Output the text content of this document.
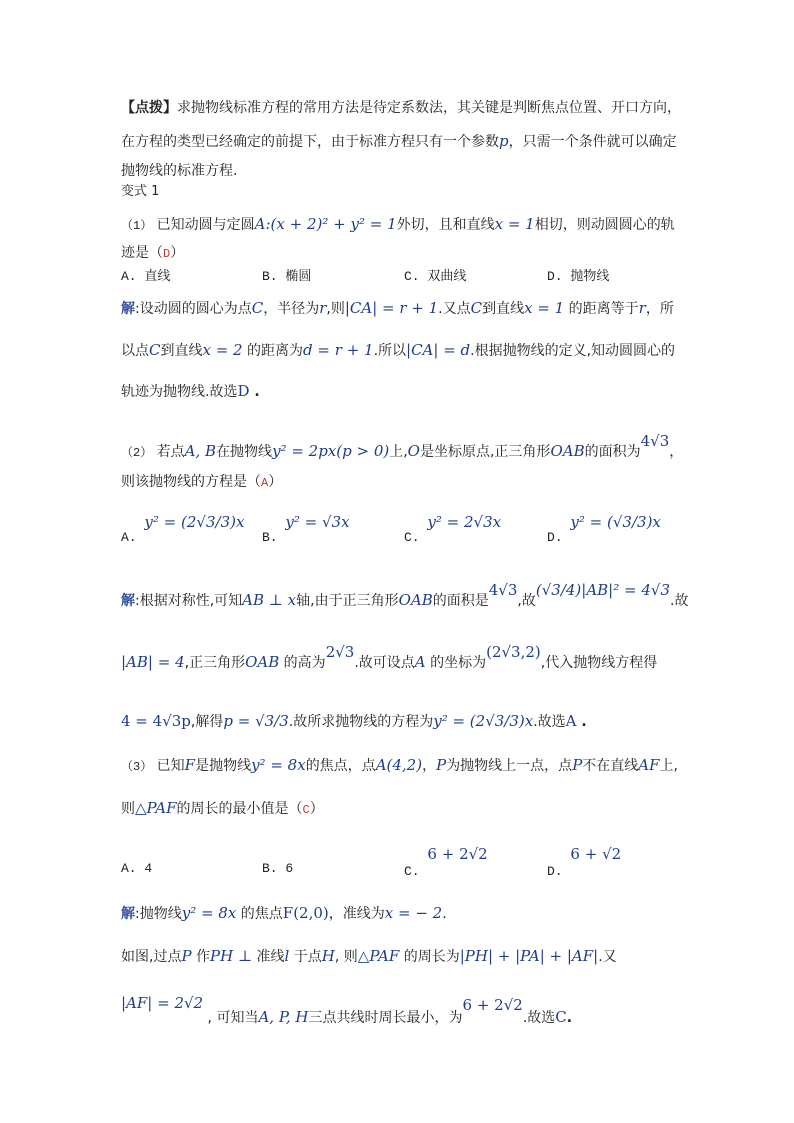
【点拨】求抛物线标准方程的常用方法是待定系数法，其关键是判断焦点位置、开口方向，
在方程的类型已经确定的前提下，由于标准方程只有一个参数p，只需一个条件就可以确定
抛物线的标准方程.
变式 1
（1） 已知动圆与定圆A:(x + 2)² + y² = 1外切，且和直线x = 1相切，则动圆圆心的轨
迹是（D）
A. 直线	B. 椭圆	C. 双曲线	D. 抛物线
解:设动圆的圆心为点C，半径为r,则|CA| = r + 1.又点C到直线x = 1 的距离等于r，所
以点C到直线x = 2 的距离为d = r + 1.所以|CA| = d.根据抛物线的定义,知动圆圆心的
轨迹为抛物线.故选D .
（2） 若点A, B在抛物线y² = 2px(p > 0)上,O是坐标原点,正三角形OAB的面积为4√3，
则该抛物线的方程是（A）
A. y² = (2√3/3)x
B. y² = √3x
C. y² = 2√3x
D. y² = (√3/3)x
解:根据对称性,可知AB ⊥ x轴,由于正三角形OAB的面积是4√3,故(√3/4)|AB|² = 4√3.故
|AB| = 4,正三角形OAB 的高为2√3.故可设点A 的坐标为(2√3,2),代入抛物线方程得
4 = 4√3p,解得p = √3/3.故所求抛物线的方程为y² = (2√3/3)x.故选A .
（3） 已知F是抛物线y² = 8x的焦点，点A(4,2)，P为抛物线上一点，点P不在直线AF上,
则△PAF的周长的最小值是（C）
A. 4	B. 6	C. 6 + 2√2
D. 6 + √2
解:抛物线y² = 8x 的焦点F(2,0)，准线为x = − 2.
如图,过点P 作PH ⊥ 准线l 于点H, 则△PAF 的周长为|PH| + |PA| + |AF|.又
|AF| = 2√2 , 可知当A, P, H三点共线时周长最小，为6 + 2√2.故选C.
